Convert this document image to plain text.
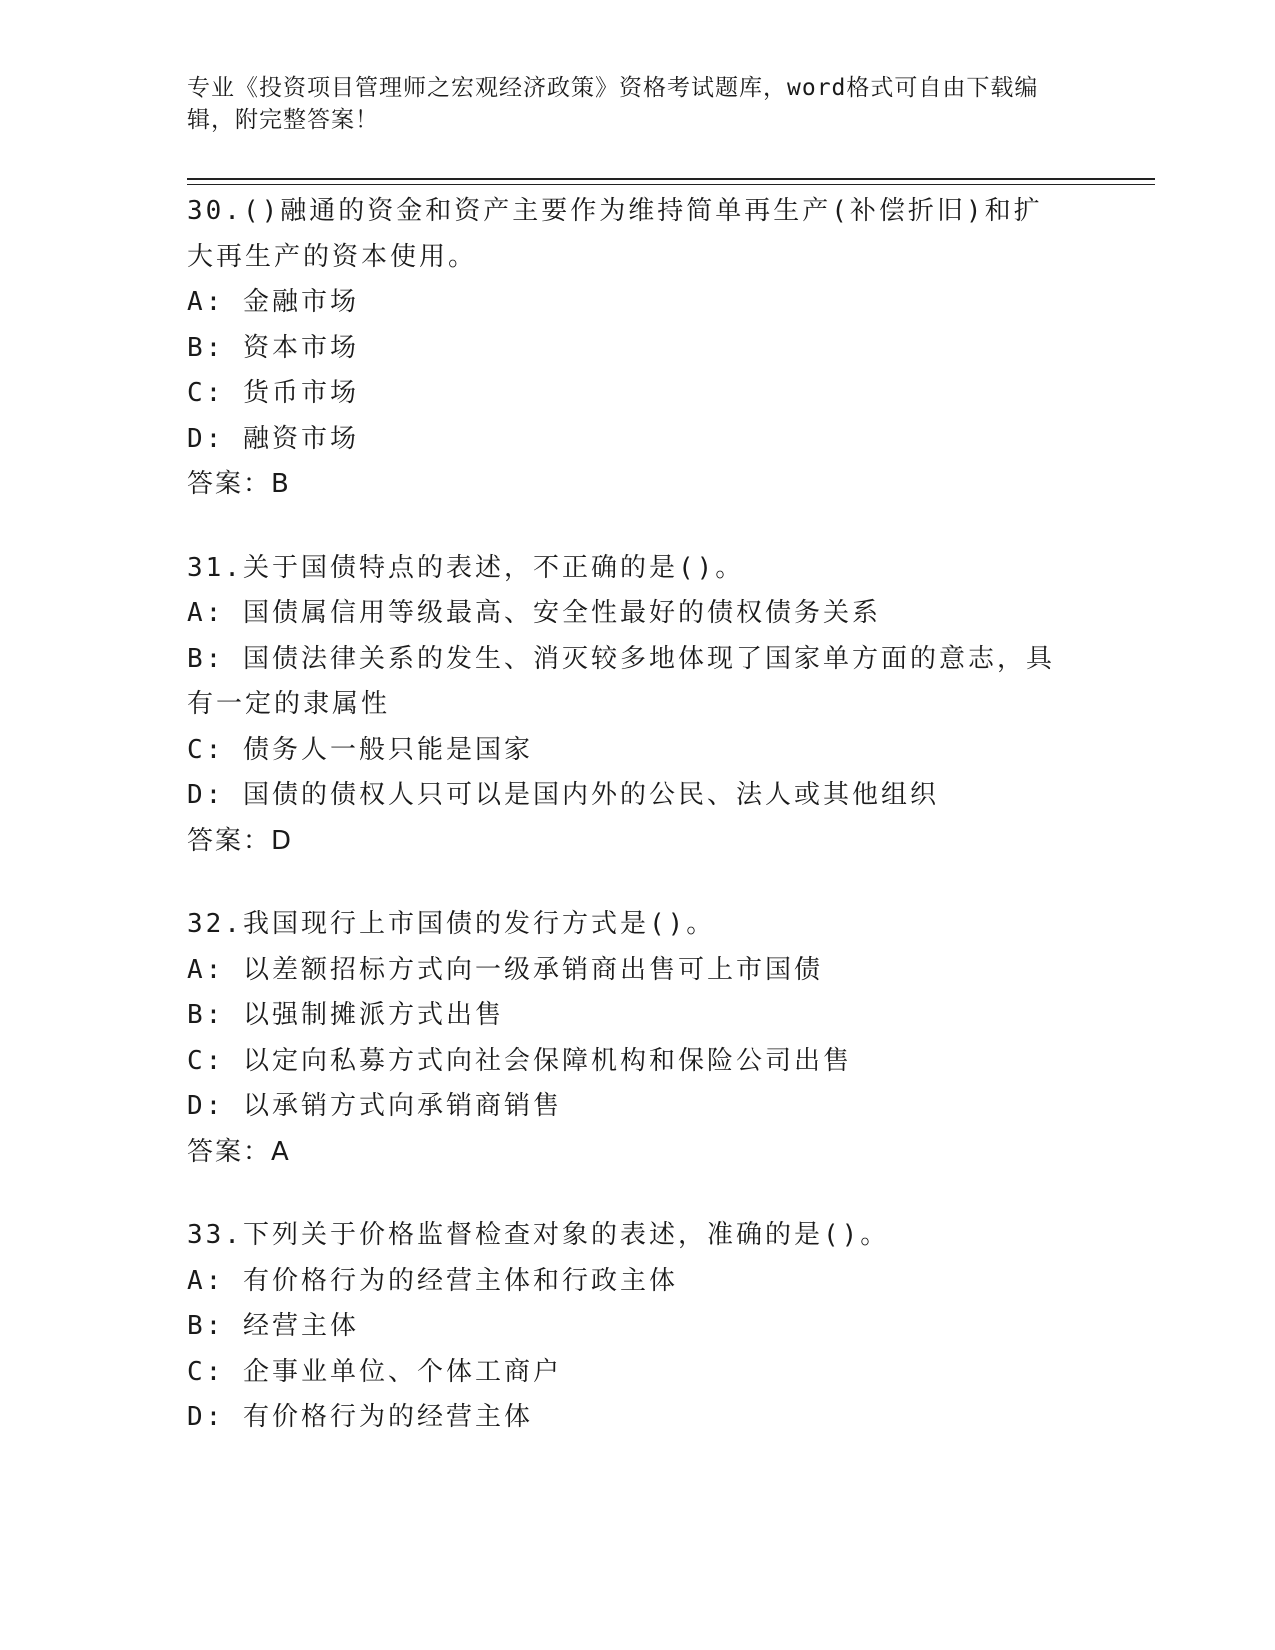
专业《投资项目管理师之宏观经济政策》资格考试题库，word格式可自由下载编辑，附完整答案！
30.()融通的资金和资产主要作为维持简单再生产(补偿折旧)和扩大再生产的资本使用。
A: 金融市场
B: 资本市场
C: 货币市场
D: 融资市场
答案：B
31.关于国债特点的表述，不正确的是()。
A: 国债属信用等级最高、安全性最好的债权债务关系
B: 国债法律关系的发生、消灭较多地体现了国家单方面的意志，具有一定的隶属性
C: 债务人一般只能是国家
D: 国债的债权人只可以是国内外的公民、法人或其他组织
答案：D
32.我国现行上市国债的发行方式是()。
A: 以差额招标方式向一级承销商出售可上市国债
B: 以强制摊派方式出售
C: 以定向私募方式向社会保障机构和保险公司出售
D: 以承销方式向承销商销售
答案：A
33.下列关于价格监督检查对象的表述，准确的是()。
A: 有价格行为的经营主体和行政主体
B: 经营主体
C: 企事业单位、个体工商户
D: 有价格行为的经营主体
